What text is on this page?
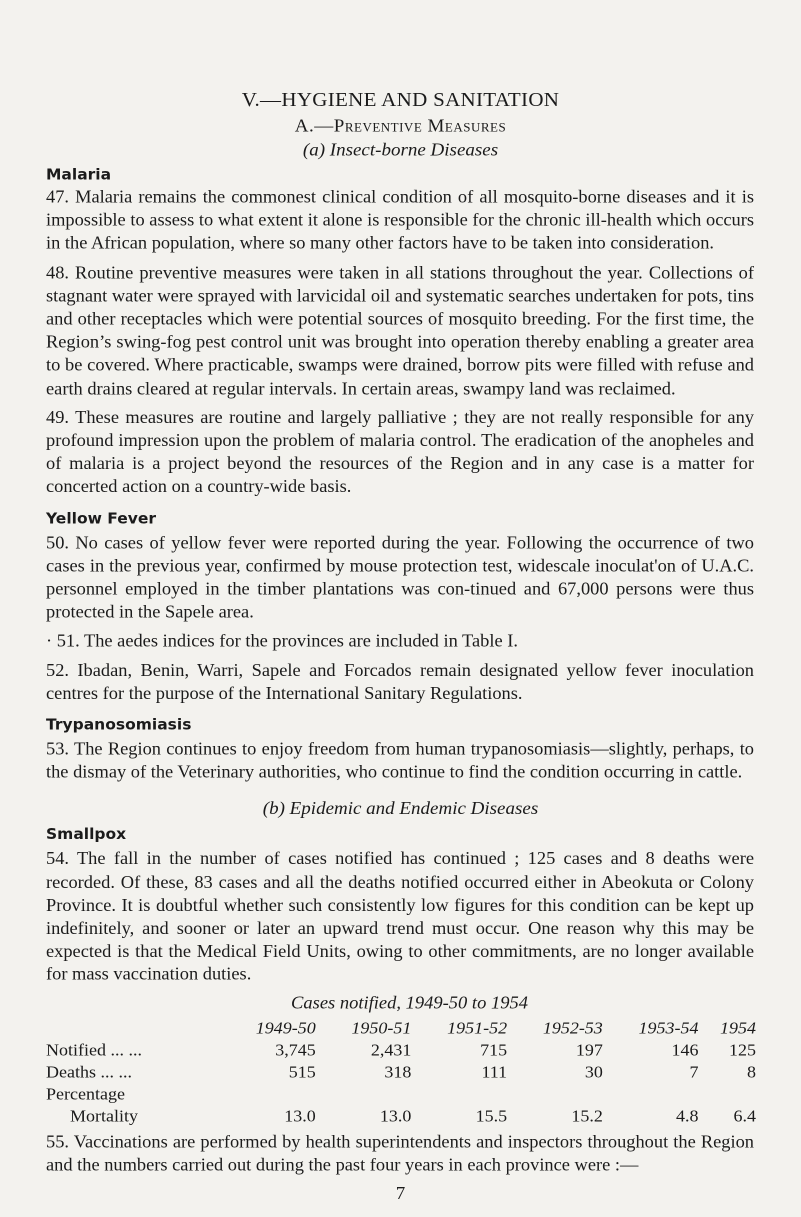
V.—HYGIENE AND SANITATION
A.—Preventive Measures
(a) Insect-borne Diseases
Malaria

47. Malaria remains the commonest clinical condition of all mosquito-borne diseases and it is impossible to assess to what extent it alone is responsible for the chronic ill-health which occurs in the African population, where so many other factors have to be taken into consideration.

48. Routine preventive measures were taken in all stations throughout the year. Collections of stagnant water were sprayed with larvicidal oil and systematic searches undertaken for pots, tins and other receptacles which were potential sources of mosquito breeding. For the first time, the Region’s swing-fog pest control unit was brought into operation thereby enabling a greater area to be covered. Where practicable, swamps were drained, borrow pits were filled with refuse and earth drains cleared at regular intervals. In certain areas, swampy land was reclaimed.

49. These measures are routine and largely palliative ; they are not really responsible for any profound impression upon the problem of malaria control. The eradication of the anopheles and of malaria is a project beyond the resources of the Region and in any case is a matter for concerted action on a country-wide basis.

Yellow Fever

50. No cases of yellow fever were reported during the year. Following the occurrence of two cases in the previous year, confirmed by mouse protection test, widescale inoculat'on of U.A.C. personnel employed in the timber plantations was con-tinued and 67,000 persons were thus protected in the Sapele area.

· 51. The aedes indices for the provinces are included in Table I.

52. Ibadan, Benin, Warri, Sapele and Forcados remain designated yellow fever inoculation centres for the purpose of the International Sanitary Regulations.

Trypanosomiasis

53. The Region continues to enjoy freedom from human trypanosomiasis—slightly, perhaps, to the dismay of the Veterinary authorities, who continue to find the condition occurring in cattle.

(b) Epidemic and Endemic Diseases
Smallpox

54. The fall in the number of cases notified has continued ; 125 cases and 8 deaths were recorded. Of these, 83 cases and all the deaths notified occurred either in Abeokuta or Colony Province. It is doubtful whether such consistently low figures for this condition can be kept up indefinitely, and sooner or later an upward trend must occur. One reason why this may be expected is that the Medical Field Units, owing to other commitments, are no longer available for mass vaccination duties.

Cases notified, 1949-50 to 1954
	1949-50	1950-51	1951-52	1952-53	1953-54	1954
Notified ... ...	3,745	2,431	715	197	146	125
Deaths ... ...	515	318	111	30	7	8
Percentage						
Mortality	13.0	13.0	15.5	15.2	4.8	6.4

55. Vaccinations are performed by health superintendents and inspectors throughout the Region and the numbers carried out during the past four years in each province were :—

7
